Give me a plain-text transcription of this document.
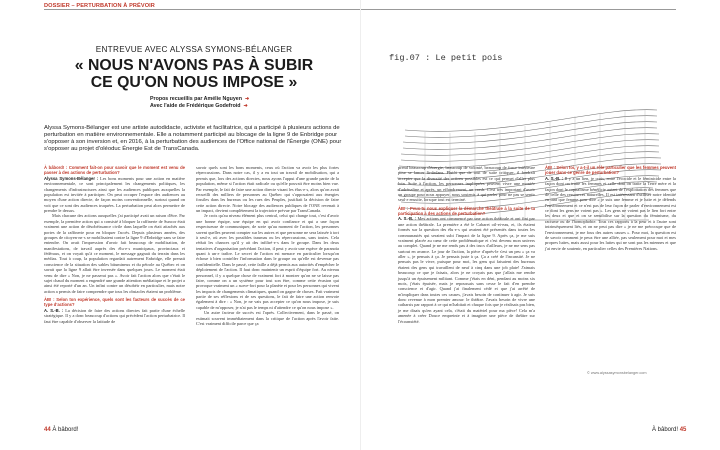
DOSSIER – PERTURBATION À PRÉVOIR
ENTREVUE AVEC ALYSSA SYMONS-BÉLANGER
« NOUS N'AVONS PAS À SUBIR
CE QU'ON NOUS IMPOSE »
Propos recueillis par Amélie Nguyen ➜
Avec l'aide de Frédérique Godefroid ➜
Alyssa Symons-Bélanger est une artiste autodidacte, activiste et facilitatrice, qui a participé à plusieurs actions de perturbation en matière environnementale. Elle a notamment participé au blocage de la ligne 9 de Enbridge pour s'opposer à son inversion et, en 2016, à la perturbation des audiences de l'Office national de l'Énergie (ONE) pour s'opposer au projet d'oléoduc Énergie Est de TransCanada.

À bâbord! : Comment fait-on pour savoir que le moment est venu de passer à des actions de perturbation?

Alyssa Symons-Bélanger : Les bons moments pour une action en matière environnementale, ce sont principalement les changements politiques, les changements d'infrastructures ainsi que les audiences publiques auxquelles la population est invitée à participer. On peut occuper l'espace des audiences au moyen d'une action directe, de façon moins conventionnelle, surtout quand on voit que ce sont des audiences truquées. La perturbation peut alors permettre de prendre le dessus.

Mais chacune des actions auxquelles j'ai participé avait un raison d'être. Par exemple, la première action qui a consisté à bloquer la raffinerie de Suncor était vraiment une action de désobéissance civile dans laquelle on était attachés aux portes de la raffinerie pour en bloquer l'accès. Depuis plusieurs années, des groupes de citoyen·ne·s se mobilisaient contre la ligne 9 d'Enbridge sans se faire entendre. On avait l'impression d'avoir fait beaucoup de mobilisation, de manifestations, de travail auprès des élu·e·s municipaux, provinciaux et fédéraux, et on voyait qu'à ce moment, le message gagnait du terrain dans les médias. Tout à coup, la population regardait autrement Enbridge, elle prenait conscience de la situation des sables bitumineux et du pétrole au Québec et on savait que la ligne 9 allait être inversée dans quelques jours. Le moment était venu de dire « Non, je ne passerai pas ». Avoir fait l'action alors que c'était le sujet chaud du moment a engendré une grande attention médiatique et le projet a ainsi été reporté d'un an. Un infini contre un désobéir en particulier, mais notre action a permis de faire comprendre que tous les obstacles étaient un problème.

ÀB! : Selon ton expérience, quels sont les facteurs de succès de ce type d'actions?

A. S.-B. : La décision de faire des actions directes fait partie d'une échelle stratégique. Il y a donc beaucoup d'actions qui précèdent l'action perturbatrice. Il faut être capable d'observer la latitude de

savoir quels sont les bons moments, ceux où l'action va avoir les plus fortes répercussions. Dans notre cas, il y a eu tout un travail de mobilisation, qui a permis que, lors des actions directes, nous ayons l'appui d'une grande partie de la population, même si l'action était radicale ou qu'elle pouvait être moins bien vue. Par exemple, le fait de faire une action directe visant les élus·e·s, alors qu'on avait recueilli des milliers de personnes au Québec qui s'opposaient aux énergies fossiles dans les bureaux ou les rues des Peuples, justifiait la décision de faire cette action directe. Notre blocage des audiences publiques de l'ONE revenait à un impact, devient complètement la trajectoire prévue par TransCanada.

Je crois qu'au niveau élément plus central, celui qui change tout, c'est d'avoir une bonne équipe, une équipe en qui avoir confiance et qui a une façon respectueuse de communiquer, de sorte qu'au moment de l'action, les personnes savent quelles peuvent compter sur les autres et que personne ne sera laissée à tort à seul·e, où avec les possibles traumas ou les répercussions, sans toutes. Cela réduit les chances qu'il y ait des infiltré·e·s dans le groupe. Dans les deux tentatives d'organisation précédant l'action, il peut y avoir une espèce de paranoïa quant à un·e traître. Le secret de l'action est menace en particulier lorsqu'on échoue à bien contrôler l'information dans le groupe ou qu'elle est devenue pas confidentielle. Dans le passé, cette faille a déjà permis aux autorités d'empêcher le déploiement de l'action. Il faut donc maintenir un esprit d'équipe fort. Au niveau personnel, il y a quelque chose de vraiment fort à montrer qu'on ne se laisse pas faire, comme on a un système pour tout son être, comme cette évasion qui provoque vraiment un « surve-fort pour la planète et pour les personnes qui vivent les impacts de changements climatiques, quand on gagne de choses. Fait vraiment partie de ses réflexions et de ses questions, le fait de faire une action renvoie également à dire : « Non, je ne vais pas accepter ce qu'on nous impose, je suis capable de m'opposer, je n'ai pas le temps ni d'attendre ce qu'on nous impose ».

Un autre facteur de succès est l'après. Collectivement, dans le passé, on estimait souvent immédiatement dans la critique de l'action après l'avoir faite. C'est vraiment difficile parce que ça

fig.07 : Le petit pois

prend beaucoup d'énergie, beaucoup de volonté, beaucoup de force intérieure pour se lancer là-dedans. Plutôt que de tout de suite critiquer, il faudrait accepter que la diversité des actions possibles est ce qui permet d'aller plus loin. Suite à l'action, les personnes impliquées peuvent vivre une montée d'adrénaline et après, un effondrement, un crash. C'est très important d'avoir un groupe pour nous appuyer, nous soutenir, à qui parler pour ne pas se sentir seul·e ensuite, lorsque tout est terminé.

ÀB! : Peux-tu nous expliquer la démarche théâtrale à la suite de ta participation à des actions de perturbation?

A. S.-B. : Mes actions ont commencé par une action théâtrale et ont fini par une action théâtrale. La première a été le Cabaret oil-et-eau, et, ils étaient formés sur la question des élu·e·s qui avaient été présentés dans toutes les communautés qui seraient subi l'impact de la ligne 9. Après ça, je me suis vraiment placée au cœur de cette problématique et c'est devenu mon univers au complet. Quand je ne me rends pas à des trucs d'ailleurs, je ne me sens pas surtout en avance. Le jour de l'action, la pièce d'après-le s'est un peu « ça va aller », je pensais à ça. Je pensais juste à ça. Ça a créé de l'incansité. Je ne pensais pas le vivre, puisque pour moi, les gens qui faisaient des bureaux étaient des gens qui travaillent de neuf à cinq dans une job plate! J'aimais beaucoup ce que je faisais, alors je ne croyais pas que j'allais me rendre jusqu'à un épuisement militant. Comme j'étais en déni, pendant au moins six mois, j'étais épuisée, mais je repoussais sans cesse le fait d'en prendre conscience et d'agir. Quand j'ai finalement cédé et que j'ai arrêté de m'impliquer dans toutes ces causes, j'avais besoin de continuer à agir. Je suis donc revenue à mon premier amour: le théâtre. J'avais besoin de vivre une catharsis par rapport à ce qui m'habitait et chaque fois que je réalisais pas bien, je me disais qu'en ayant cela, c'était du matériel pour ma pièce! Cela m'a amenée à créer Douce empreinte et à imaginer une pièce de théâtre sur l'écoanxiété.

ÀB! : Selon toi, y a-t-il un rôle particulier que les femmes peuvent jouer dans ce genre de perturbation?

A. S.-B. : Il y a un lien, je crois, entre l'écocide et le féminicide entre la façon dont on traite les femmes et celle dont on traite la Terre mère et la façon dont le capitalisme bénéficie autant de l'exploitation des femmes que de celle des ressources naturelles. Il est intéressant d'utiliser notre identité en tant que femme pour dire « je suis une femme et je lutte et je défends l'environnement et ce n'est pas de leur façon de parler d'environnement est ce dont les gens ne voient pas ». Les gens ne voient pas le lien fort entre les deux et que et on se sensibilise sur la question du féminisme, du racisme ou de l'homophobie. Tous ces rapports à la peur et à l'autre sont intrinsèquement liés, et on ne peut pas dire « je ne me préoccupe que de l'environnement, je me fous des autres causes ». Pour moi, la question est de savoir comment je peux être une alliée, pas seulement pour moi et mes propres luttes, mais aussi pour les luttes qui ne sont pas les miennes et que j'ai envie de soutenir, en particulier celles des Premières Nations.

© www.alyssasymonsbelanger.com
44 À bâbord!	À bâbord! 45
